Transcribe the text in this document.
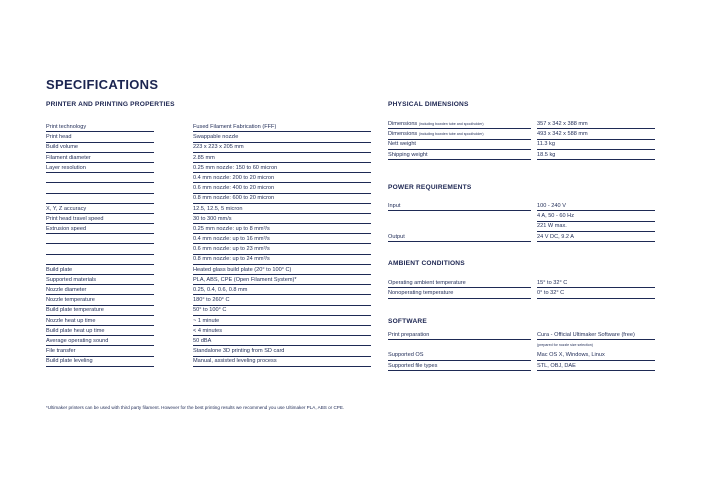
SPECIFICATIONS
PRINTER AND PRINTING PROPERTIES
Print technology	Fused Filament Fabrication (FFF)
Print head	Swappable nozzle
Build volume	223 x 223 x 205 mm
Filament diameter	2.85 mm
Layer resolution	0.25 mm nozzle: 150 to 60 micron
0.4 mm nozzle: 200 to 20 micron
0.6 mm nozzle: 400 to 20 micron
0.8 mm nozzle: 600 to 20 micron
X, Y, Z accuracy	12.5, 12.5, 5 micron
Print head travel speed	30 to 300 mm/s
Extrusion speed	0.25 mm nozzle: up to 8 mm³/s
0.4 mm nozzle: up to 16 mm³/s
0.6 mm nozzle: up to 23 mm³/s
0.8 mm nozzle: up to 24 mm³/s
Build plate	Heated glass build plate (20° to 100° C)
Supported materials	PLA, ABS, CPE (Open Filament System)*
Nozzle diameter	0.25, 0.4, 0.6, 0.8 mm
Nozzle temperature	180° to 260° C
Build plate temperature	50° to 100° C
Nozzle heat up time	~ 1 minute
Build plate heat up time	< 4 minutes
Average operating sound	50 dBA
File transfer	Standalone 3D printing from SD card
Build plate leveling	Manual, assisted leveling process
*Ultimaker printers can be used with third party filament. However for the best printing results we recommend you use Ultimaker PLA, ABS or CPE.
PHYSICAL DIMENSIONS
Dimensions (including bowden tube and spoolholder)	357 x 342 x 388 mm
Dimensions (including bowden tube and spoolholder)	493 x 342 x 588 mm
Nett weight	11.3 kg
Shipping weight	18.5 kg
POWER REQUIREMENTS
Input	100 - 240 V
4 A, 50 - 60 Hz
221 W max.
Output	24 V DC, 9.2 A
AMBIENT CONDITIONS
Operating ambient temperature	15° to 32° C
Nonoperating temperature	0° to 32° C
SOFTWARE
Print preparation	Cura - Official Ultimaker Software (free)
(prepared for nozzle size selection)
Supported OS	Mac OS X, Windows, Linux
Supported file types	STL, OBJ, DAE
